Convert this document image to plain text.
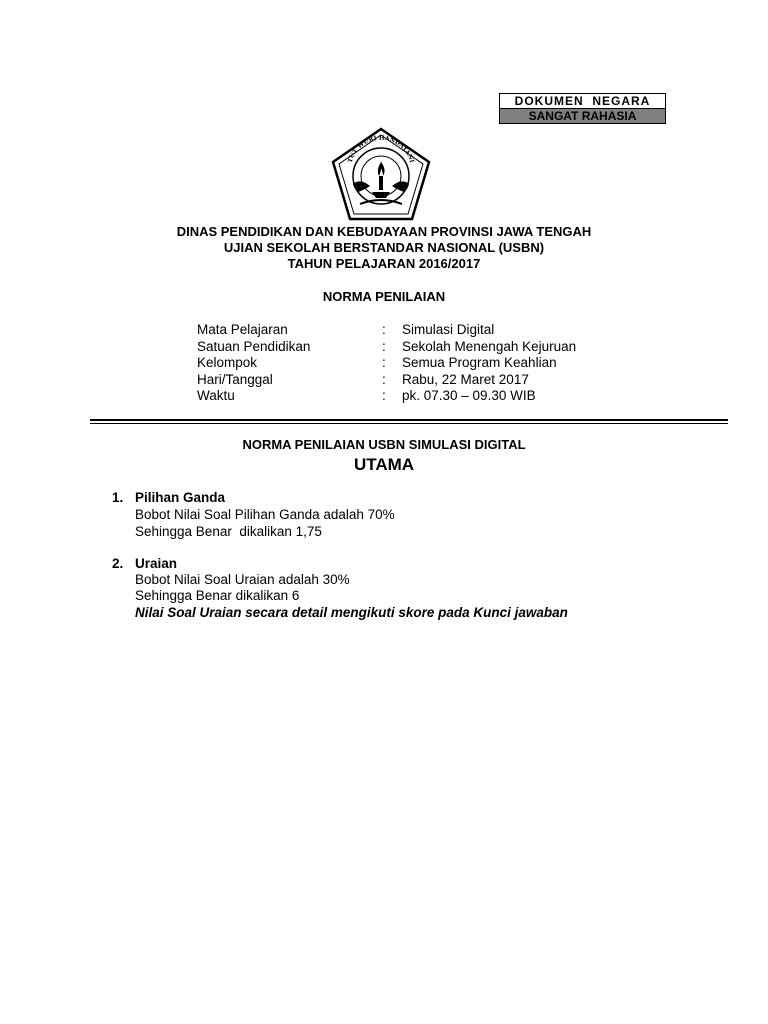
DOKUMEN  NEGARA
SANGAT RAHASIA
TUT WURI HANDAYANI
DINAS PENDIDIKAN DAN KEBUDAYAAN PROVINSI JAWA TENGAH
UJIAN SEKOLAH BERSTANDAR NASIONAL (USBN)
TAHUN PELAJARAN 2016/2017
NORMA PENILAIAN
Mata Pelajaran	: Simulasi Digital
Satuan Pendidikan	: Sekolah Menengah Kejuruan
Kelompok	: Semua Program Keahlian
Hari/Tanggal	: Rabu, 22 Maret 2017
Waktu	: pk. 07.30 – 09.30 WIB
NORMA PENILAIAN USBN SIMULASI DIGITAL
UTAMA
1. Pilihan Ganda
Bobot Nilai Soal Pilihan Ganda adalah 70%
Sehingga Benar  dikalikan 1,75
2. Uraian
Bobot Nilai Soal Uraian adalah 30%
Sehingga Benar dikalikan 6
Nilai Soal Uraian secara detail mengikuti skore pada Kunci jawaban
